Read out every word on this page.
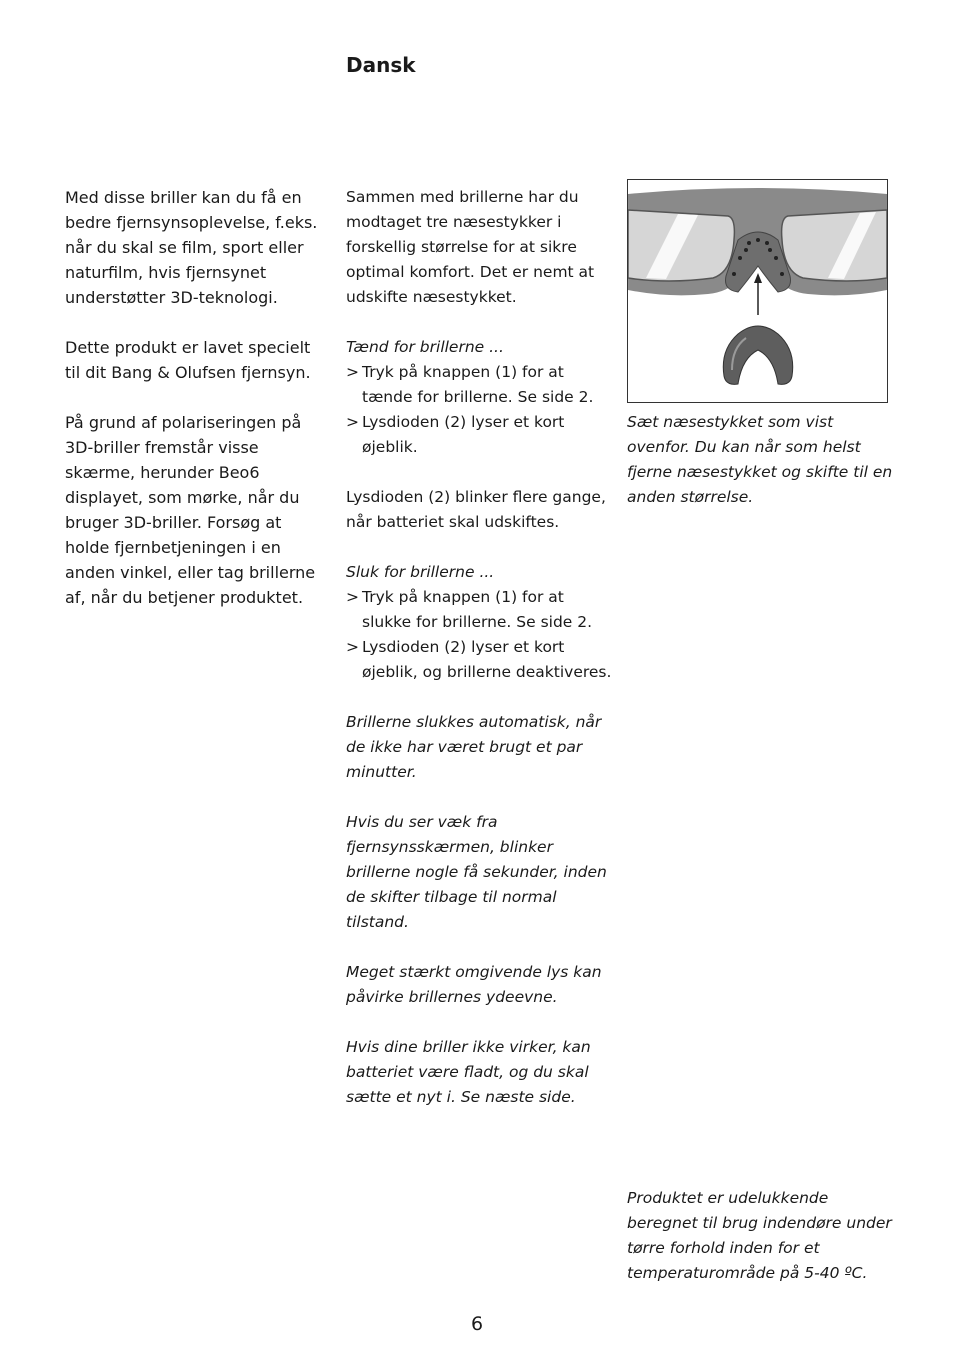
Dansk

Med disse briller kan du få en bedre fjernsynsoplevelse, f.eks. når du skal se film, sport eller naturfilm, hvis fjernsynet understøtter 3D-teknologi.

Dette produkt er lavet specielt til dit Bang & Olufsen fjernsyn.

På grund af polariseringen på 3D-briller fremstår visse skærme, herunder Beo6 displayet, som mørke, når du bruger 3D-briller. Forsøg at holde fjernbetjeningen i en anden vinkel, eller tag brillerne af, når du betjener produktet.

Sammen med brillerne har du modtaget tre næsestykker i forskellig størrelse for at sikre optimal komfort. Det er nemt at udskifte næsestykket.

Tænd for brillerne ...

> Tryk på knappen (1) for at tænde for brillerne. Se side 2.
> Lysdioden (2) lyser et kort øjeblik.

Lysdioden (2) blinker flere gange, når batteriet skal udskiftes.

Sluk for brillerne ...

> Tryk på knappen (1) for at slukke for brillerne. Se side 2.
> Lysdioden (2) lyser et kort øjeblik, og brillerne deaktiveres.

Brillerne slukkes automatisk, når de ikke har været brugt et par minutter.

Hvis du ser væk fra fjernsynsskærmen, blinker brillerne nogle få sekunder, inden de skifter tilbage til normal tilstand.

Meget stærkt omgivende lys kan påvirke brillernes ydeevne.

Hvis dine briller ikke virker, kan batteriet være fladt, og du skal sætte et nyt i. Se næste side.

Sæt næsestykket som vist ovenfor. Du kan når som helst fjerne næsestykket og skifte til en anden størrelse.
Produktet er udelukkende beregnet til brug indendøre under tørre forhold inden for et temperaturområde på 5-40 ºC.
6
